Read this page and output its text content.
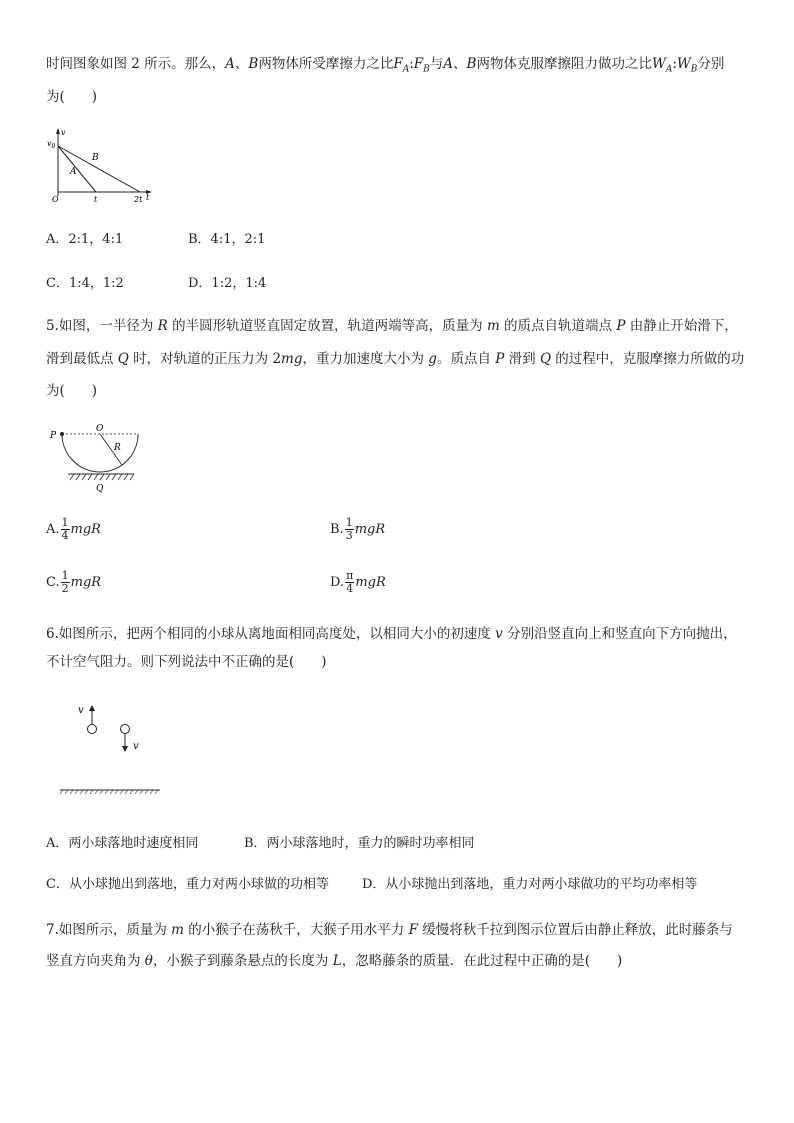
时间图象如图 2 所示。那么，A、B两物体所受摩擦力之比$F_A:F_B$与A、B两物体克服摩擦阻力做功之比$W_A:W_B$分别
为(　　)
v
$v_0$
A
B
O	t	2t t
A．2:1，4:1	B．4:1，2:1
C．1:4，1:2	D．1:2，1:4
5.如图，一半径为 R 的半圆形轨道竖直固定放置，轨道两端等高，质量为 m 的质点自轨道端点 P 由静止开始滑下，
滑到最低点 Q 时，对轨道的正压力为 2mg，重力加速度大小为 g。质点自 P 滑到 Q 的过程中，克服摩擦力所做的功
为(　　)
P
O
R
Q
A. $\frac{1}{4}$ mgR	B. $\frac{1}{3}$ mgR
C. $\frac{1}{2}$ mgR	D. $\frac{\pi}{4}$ mgR
6.如图所示，把两个相同的小球从离地面相同高度处，以相同大小的初速度 v 分别沿竖直向上和竖直向下方向抛出，
不计空气阻力。则下列说法中不正确的是(　　)
v
v
A．两小球落地时速度相同	B．两小球落地时，重力的瞬时功率相同
C．从小球抛出到落地，重力对两小球做的功相等	D．从小球抛出到落地，重力对两小球做功的平均功率相等
7.如图所示，质量为 m 的小猴子在荡秋千，大猴子用水平力 F 缓慢将秋千拉到图示位置后由静止释放，此时藤条与
竖直方向夹角为 θ，小猴子到藤条悬点的长度为 L，忽略藤条的质量．在此过程中正确的是(　　)
